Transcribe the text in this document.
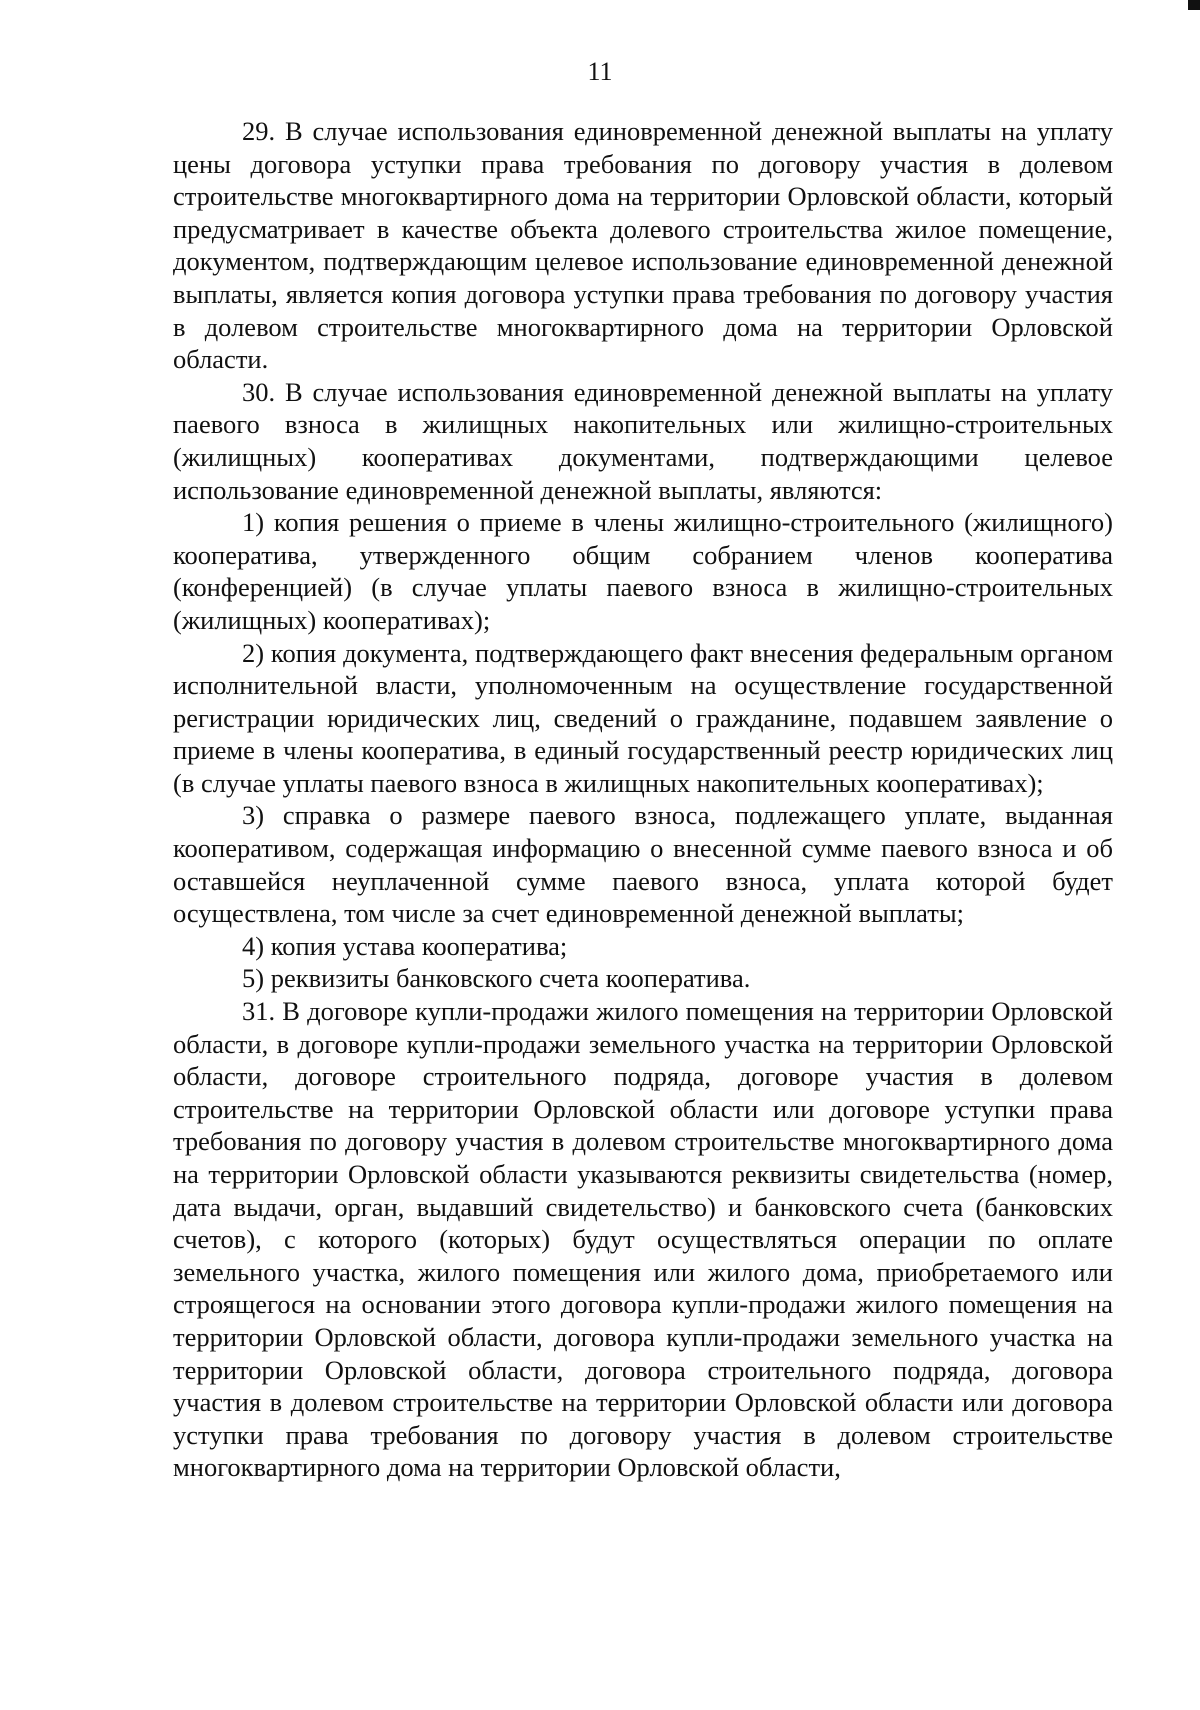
11

29. В случае использования единовременной денежной выплаты на уплату цены договора уступки права требования по договору участия в долевом строительстве многоквартирного дома на территории Орловской области, который предусматривает в качестве объекта долевого строительства жилое помещение, документом, подтверждающим целевое использование единовременной денежной выплаты, является копия договора уступки права требования по договору участия в долевом строительстве многоквартирного дома на территории Орловской области.

30. В случае использования единовременной денежной выплаты на уплату паевого взноса в жилищных накопительных или жилищно-строительных (жилищных) кооперативах документами, подтверждающими целевое использование единовременной денежной выплаты, являются:

1) копия решения о приеме в члены жилищно-строительного (жилищного) кооператива, утвержденного общим собранием членов кооператива (конференцией) (в случае уплаты паевого взноса в жилищно-строительных (жилищных) кооперативах);

2) копия документа, подтверждающего факт внесения федеральным органом исполнительной власти, уполномоченным на осуществление государственной регистрации юридических лиц, сведений о гражданине, подавшем заявление о приеме в члены кооператива, в единый государственный реестр юридических лиц (в случае уплаты паевого взноса в жилищных накопительных кооперативах);

3) справка о размере паевого взноса, подлежащего уплате, выданная кооперативом, содержащая информацию о внесенной сумме паевого взноса и об оставшейся неуплаченной сумме паевого взноса, уплата которой будет осуществлена, том числе за счет единовременной денежной выплаты;

4) копия устава кооператива;

5) реквизиты банковского счета кооператива.

31. В договоре купли-продажи жилого помещения на территории Орловской области, в договоре купли-продажи земельного участка на территории Орловской области, договоре строительного подряда, договоре участия в долевом строительстве на территории Орловской области или договоре уступки права требования по договору участия в долевом строительстве многоквартирного дома на территории Орловской области указываются реквизиты свидетельства (номер, дата выдачи, орган, выдавший свидетельство) и банковского счета (банковских счетов), с которого (которых) будут осуществляться операции по оплате земельного участка, жилого помещения или жилого дома, приобретаемого или строящегося на основании этого договора купли-продажи жилого помещения на территории Орловской области, договора купли-продажи земельного участка на территории Орловской области, договора строительного подряда, договора участия в долевом строительстве на территории Орловской области или договора уступки права требования по договору участия в долевом строительстве многоквартирного дома на территории Орловской области,
